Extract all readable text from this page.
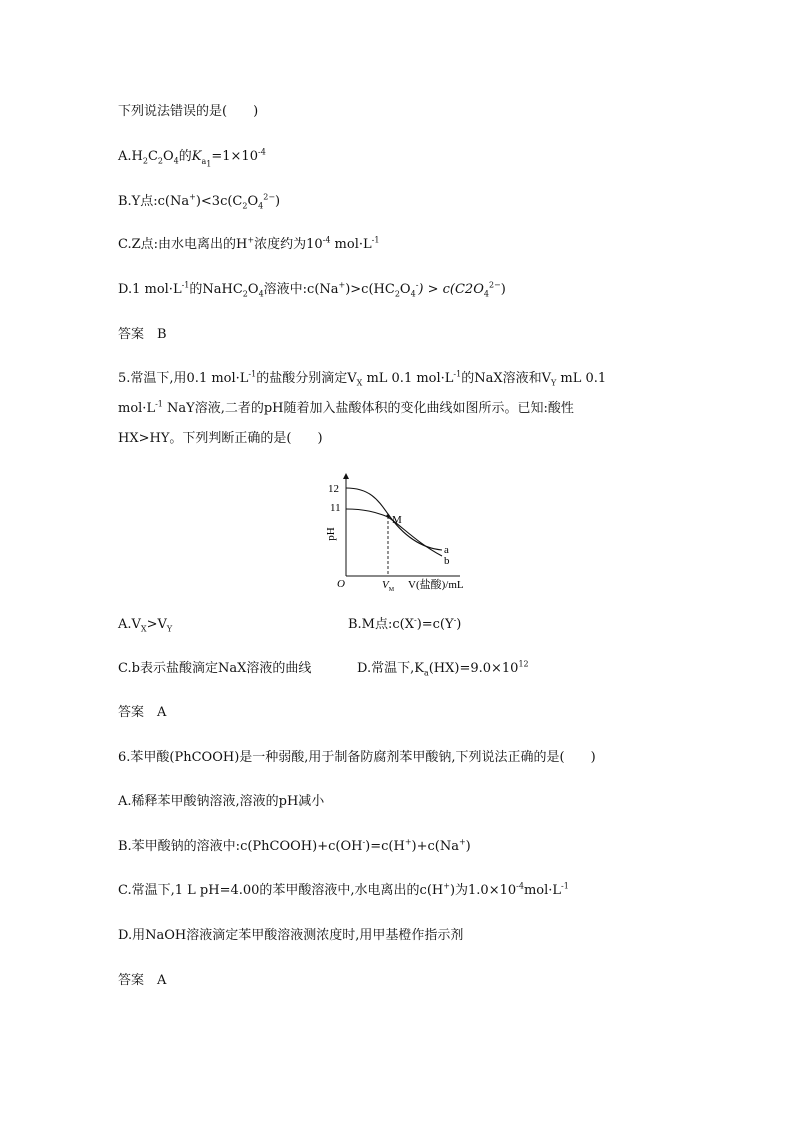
下列说法错误的是(　　)
$A.H_2C_2O_4$的$K_{a_1}=1\times 10^{-4}$
B.Y点$:c(Na^+)<3c(C_2O_4^{2-})$
C.Z点:由水电离出的H+浓度约为$10^{-4}$ $mol\cdot L^{-1}$
D.1 $mol\cdot L^{-1}$的$NaHC_2O_4$溶液中$:c(Na^+)>c(HC_2O_4^-) > c(C2O_4^{2-})$
答案　B
5.常温下,用0.1 $mol\cdot L^{-1}$的盐酸分别滴定$V_X$ mL 0.1 $mol\cdot L^{-1}$的NaX溶液和$V_Y$ mL 0.1
$mol\cdot L^{-1}$ NaY溶液,二者的pH随着加入盐酸体积的变化曲线如图所示。已知:酸性
HX>HY。下列判断正确的是(　　)
12
11
pH
O
M
a
b
$V_M$ V(盐酸)/mL
$A.V_X>V_Y$	B.M点:c(X-)=c(Y-)
C.b表示盐酸滴定NaX溶液的曲线	D.常温下$,K_a(HX)=9.0\times 10^{12}$
答案　A
6.苯甲酸(PhCOOH)是一种弱酸,用于制备防腐剂苯甲酸钠,下列说法正确的是(　　)
A.稀释苯甲酸钠溶液,溶液的pH减小
B.苯甲酸钠的溶液中:c(PhCOOH)+c(OH-)=c(H+)+c(Na+)
C.常温下,1 L pH=4.00的苯甲酸溶液中,水电离出的c(H+)为$1.0\times 10^{-4}mol\cdot L^{-1}$
D.用NaOH溶液滴定苯甲酸溶液测浓度时,用甲基橙作指示剂
答案　A
